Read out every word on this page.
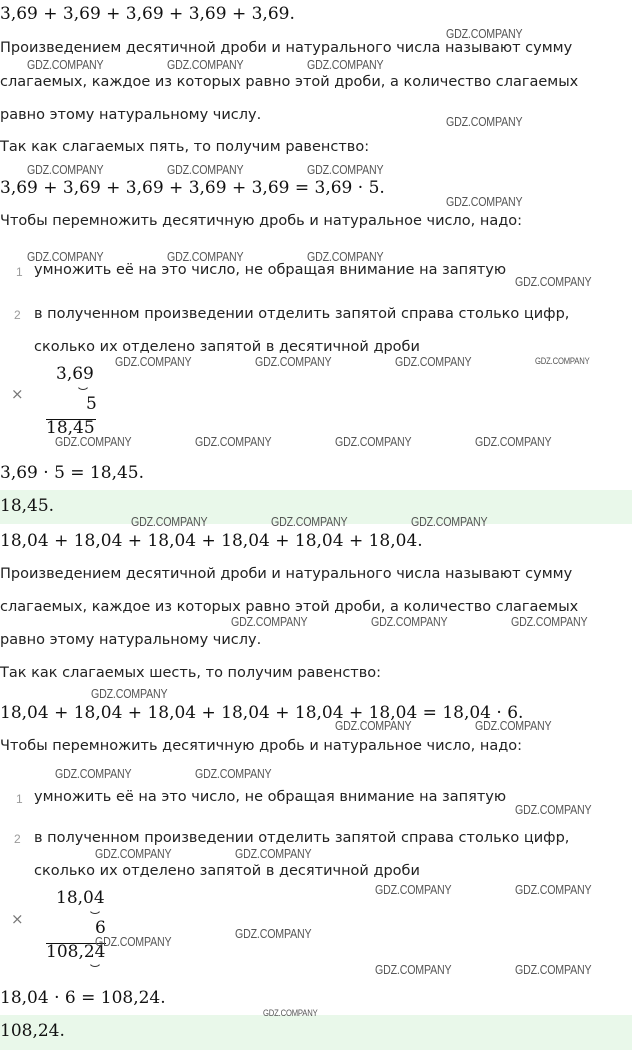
3,69 + 3,69 + 3,69 + 3,69 + 3,69.
Произведением десятичной дроби и натурального числа называют сумму
слагаемых, каждое из которых равно этой дроби, а количество слагаемых
равно этому натуральному числу.
Так как слагаемых пять, то получим равенство:
3,69 + 3,69 + 3,69 + 3,69 + 3,69 = 3,69 · 5.
Чтобы перемножить десятичную дробь и натуральное число, надо:
1 умножить её на это число, не обращая внимание на запятую
2 в полученном произведении отделить запятой справа столько цифр,
сколько их отделено запятой в десятичной дроби
×
3,69
5
18,45
3,69 · 5 = 18,45.
18,45.
18,04 + 18,04 + 18,04 + 18,04 + 18,04 + 18,04.
Произведением десятичной дроби и натурального числа называют сумму
слагаемых, каждое из которых равно этой дроби, а количество слагаемых
равно этому натуральному числу.
Так как слагаемых шесть, то получим равенство:
18,04 + 18,04 + 18,04 + 18,04 + 18,04 + 18,04 = 18,04 · 6.
Чтобы перемножить десятичную дробь и натуральное число, надо:
1 умножить её на это число, не обращая внимание на запятую
2 в полученном произведении отделить запятой справа столько цифр,
сколько их отделено запятой в десятичной дроби
×
18,04
6
108,24
18,04 · 6 = 108,24.
108,24.
GDZ.COMPANY
GDZ.COMPANY	GDZ.COMPANY	GDZ.COMPANY
GDZ.COMPANY
GDZ.COMPANY	GDZ.COMPANY	GDZ.COMPANY
GDZ.COMPANY
GDZ.COMPANY	GDZ.COMPANY	GDZ.COMPANY
GDZ.COMPANY
GDZ.COMPANY	GDZ.COMPANY	GDZ.COMPANY	GDZ.COMPANY
GDZ.COMPANY	GDZ.COMPANY	GDZ.COMPANY	GDZ.COMPANY
GDZ.COMPANY	GDZ.COMPANY	GDZ.COMPANY
GDZ.COMPANY	GDZ.COMPANY	GDZ.COMPANY
GDZ.COMPANY
GDZ.COMPANY	GDZ.COMPANY
GDZ.COMPANY	GDZ.COMPANY
GDZ.COMPANY
GDZ.COMPANY	GDZ.COMPANY
GDZ.COMPANY	GDZ.COMPANY
GDZ.COMPANY
GDZ.COMPANY
GDZ.COMPANY	GDZ.COMPANY
GDZ.COMPANY
